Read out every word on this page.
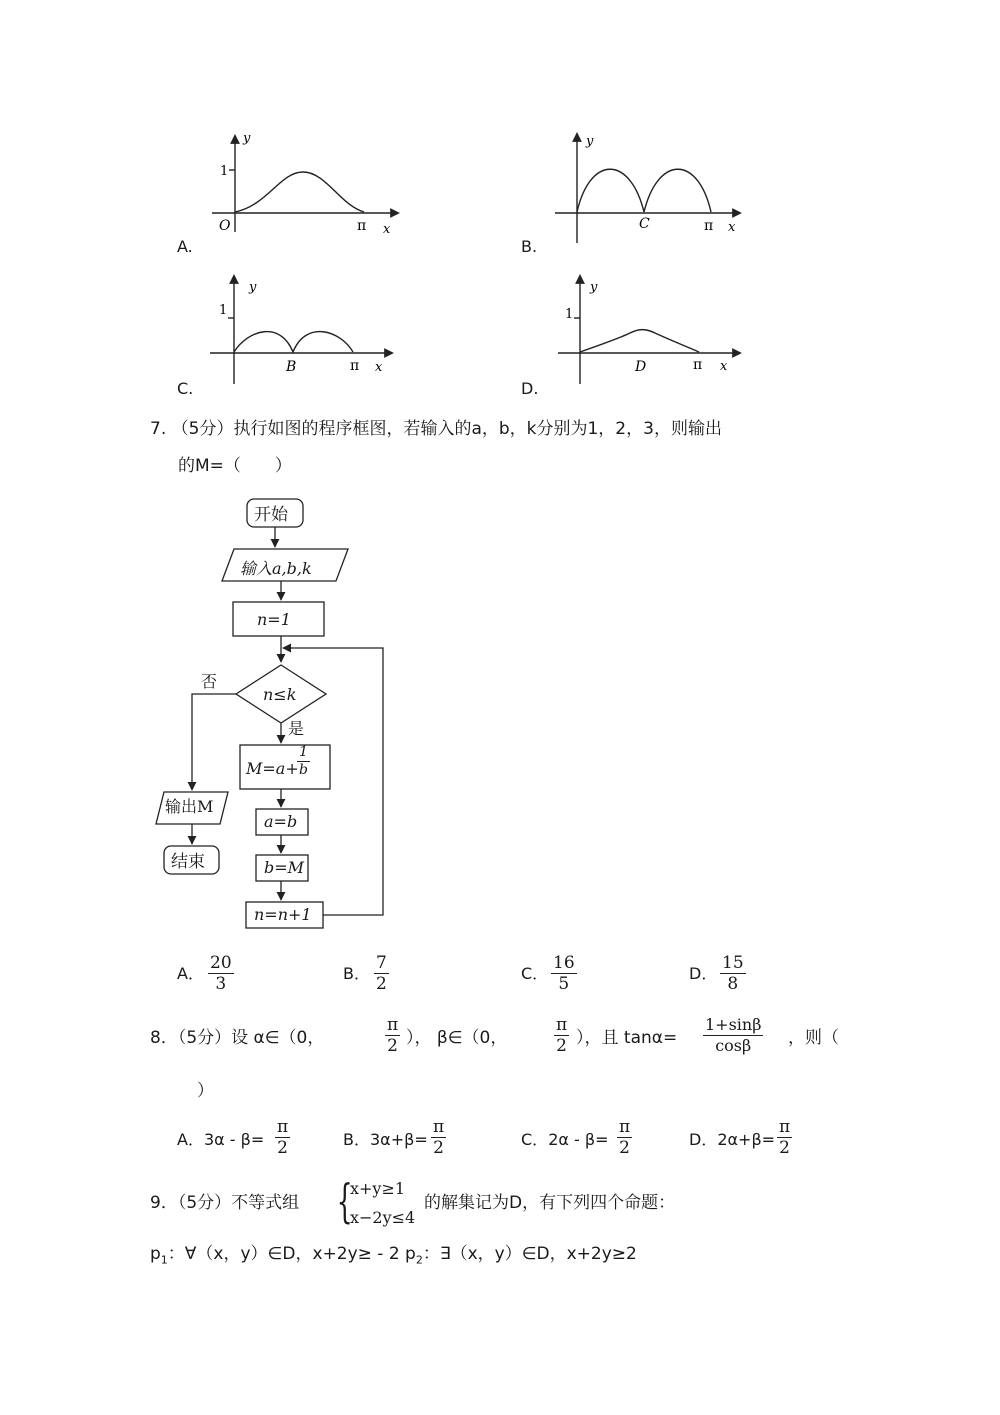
y
1
O	π x
y
C	π x
y
1
B	π x
y
1
D	π x
A.	B.
C.	D.
7. （5分）执行如图的程序框图，若输入的a，b，k分别为1，2，3，则输出
的M=（　　）
开始
输入a,b,k
n=1
n≤k
否
是
M=a+
$\frac{1}{b}$
a=b
b=M
n=n+1
输出M
结束
A． $\frac{20}{3}$	B． $\frac{7}{2}$	C． $\frac{16}{5}$	D． $\frac{15}{8}$
8．（5分）设 α∈（0，	$\frac{\pi}{2}$ ）， β∈（0，	$\frac{\pi}{2}$ ），且 $\tan\alpha= \frac{1+\sin\beta}{\cos\beta}$ ，则（
）
A．$3\alpha - \beta= \frac{\pi}{2}$	B．$3\alpha+\beta= \frac{\pi}{2}$	C．$2\alpha - \beta= \frac{\pi}{2}$	D．$2\alpha+\beta= \frac{\pi}{2}$
9．（5分）不等式组 {
x+y≥1
x−2y≤4
的解集记为D，有下列四个命题：
$p_1$：∀（x，y）∈D，x+2y≥ - 2 $p_2$：∃（x，y）∈D，x+2y≥2
